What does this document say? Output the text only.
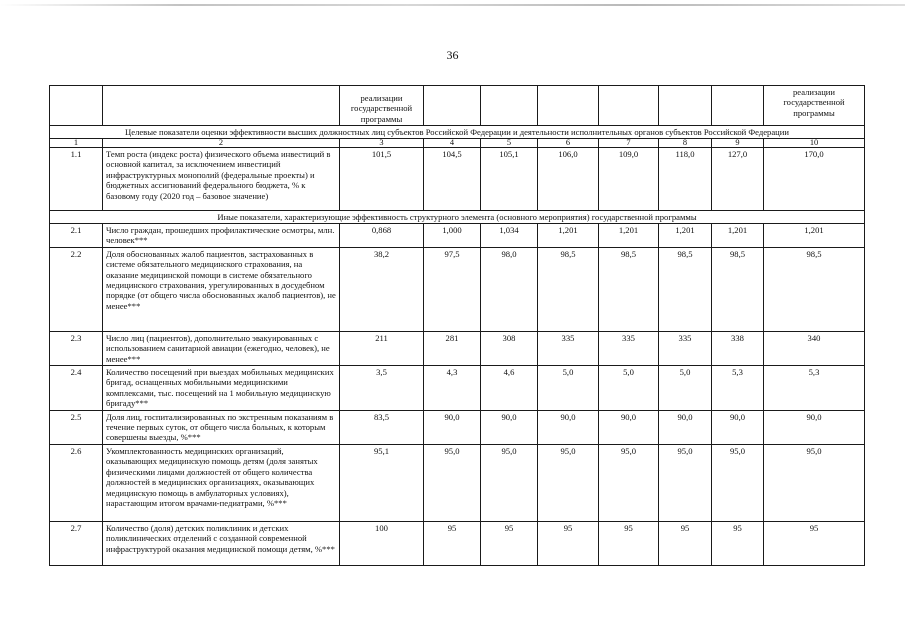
36
		реализации государственной программы							реализации государственной программы
Целевые показатели оценки эффективности высших должностных лиц субъектов Российской Федерации и деятельности исполнительных органов субъектов Российской Федерации									
1	2	3	4	5	6	7	8	9	10
1.1	Темп роста (индекс роста) физического объема инвестиций в основной капитал, за исключением инвестиций инфраструктурных монополий (федеральные проекты) и бюджетных ассигнований федерального бюджета, % к базовому году (2020 год – базовое значение)	101,5	104,5	105,1	106,0	109,0	118,0	127,0	170,0
Иные показатели, характеризующие эффективность структурного элемента (основного мероприятия) государственной программы									
2.1	Число граждан, прошедших профилактические осмотры, млн. человек***	0,868	1,000	1,034	1,201	1,201	1,201	1,201	1,201
2.2	Доля обоснованных жалоб пациентов, застрахованных в системе обязательного медицинского страхования, на оказание медицинской помощи в системе обязательного медицинского страхования, урегулированных в досудебном порядке (от общего числа обоснованных жалоб пациентов), не менее***	38,2	97,5	98,0	98,5	98,5	98,5	98,5	98,5
2.3	Число лиц (пациентов), дополнительно эвакуированных с использованием санитарной авиации (ежегодно, человек), не менее***	211	281	308	335	335	335	338	340
2.4	Количество посещений при выездах мобильных медицинских бригад, оснащенных мобильными медицинскими комплексами, тыс. посещений на 1 мобильную медицинскую бригаду***	3,5	4,3	4,6	5,0	5,0	5,0	5,3	5,3
2.5	Доля лиц, госпитализированных по экстренным показаниям в течение первых суток, от общего числа больных, к которым совершены выезды, %***	83,5	90,0	90,0	90,0	90,0	90,0	90,0	90,0
2.6	Укомплектованность медицинских организаций, оказывающих медицинскую помощь детям (доля занятых физическими лицами должностей от общего количества должностей в медицинских организациях, оказывающих медицинскую помощь в амбулаторных условиях), нарастающим итогом врачами-педиатрами, %***	95,1	95,0	95,0	95,0	95,0	95,0	95,0	95,0
2.7	Количество (доля) детских поликлиник и детских поликлинических отделений с созданной современной инфраструктурой оказания медицинской помощи детям, %***	100	95	95	95	95	95	95	95
